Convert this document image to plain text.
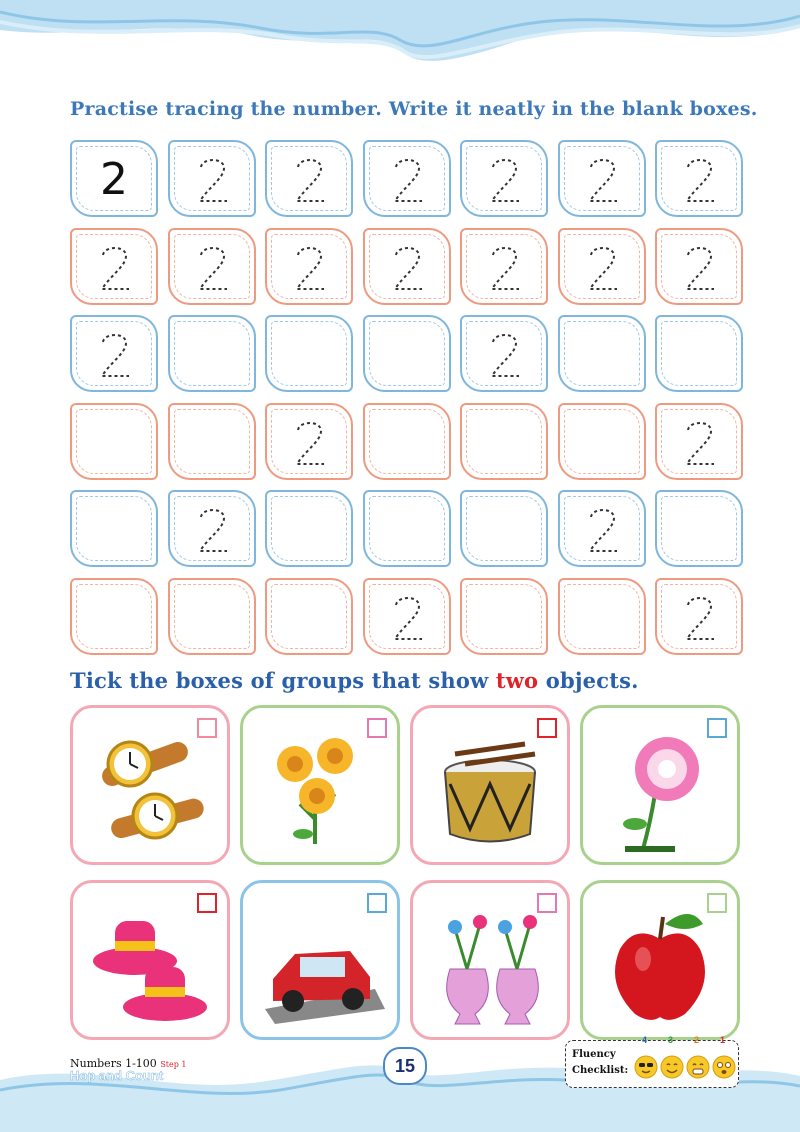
Practise tracing the number. Write it neatly in the blank boxes.
2
Tick the boxes of groups that show two objects.
Numbers 1-100 Step 1
Hop and Count	15
Fluency
Checklist:
4 3 2 1
